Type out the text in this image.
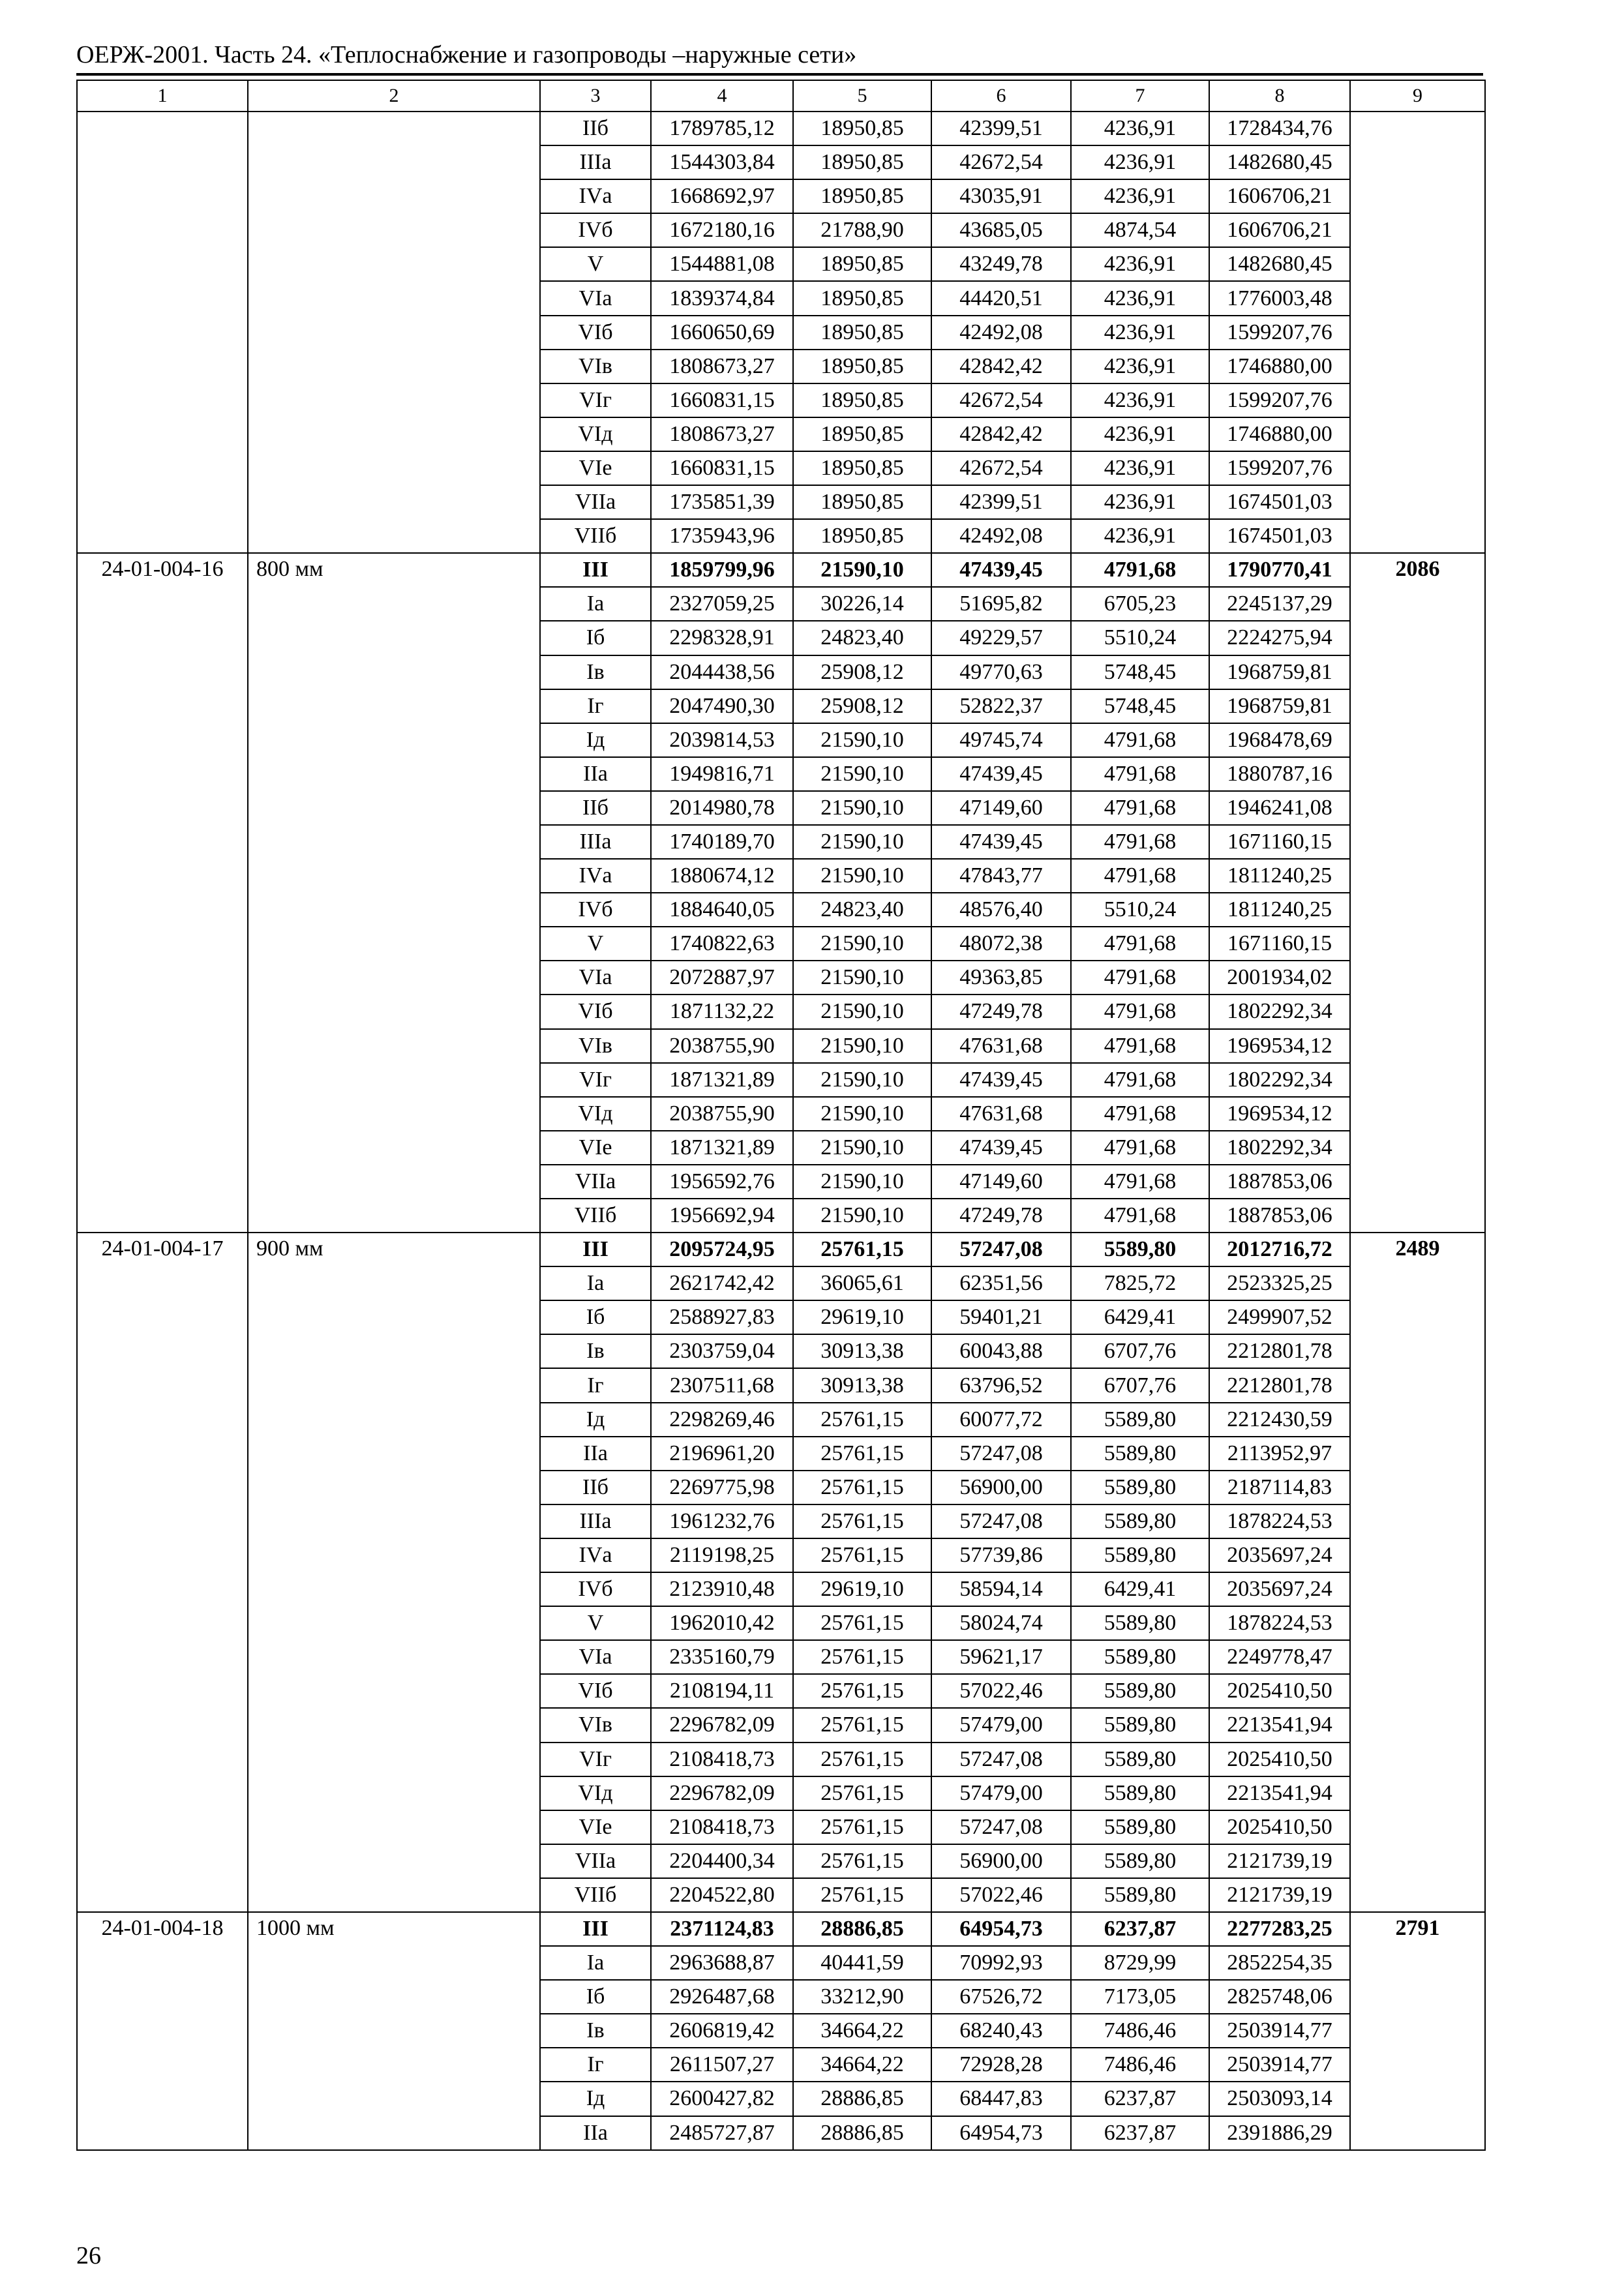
ОЕРЖ-2001. Часть 24. «Теплоснабжение и газопроводы –наружные сети»
1	2	3	4	5	6	7	8	9
		IIб	1789785,12	18950,85	42399,51	4236,91	1728434,76	
		IIIа	1544303,84	18950,85	42672,54	4236,91	1482680,45	
		IVа	1668692,97	18950,85	43035,91	4236,91	1606706,21	
		IVб	1672180,16	21788,90	43685,05	4874,54	1606706,21	
		V	1544881,08	18950,85	43249,78	4236,91	1482680,45	
		VIа	1839374,84	18950,85	44420,51	4236,91	1776003,48	
		VIб	1660650,69	18950,85	42492,08	4236,91	1599207,76	
		VIв	1808673,27	18950,85	42842,42	4236,91	1746880,00	
		VIг	1660831,15	18950,85	42672,54	4236,91	1599207,76	
		VIд	1808673,27	18950,85	42842,42	4236,91	1746880,00	
		VIе	1660831,15	18950,85	42672,54	4236,91	1599207,76	
		VIIа	1735851,39	18950,85	42399,51	4236,91	1674501,03	
		VIIб	1735943,96	18950,85	42492,08	4236,91	1674501,03	
24-01-004-16	800 мм	III	1859799,96	21590,10	47439,45	4791,68	1790770,41	2086
		Iа	2327059,25	30226,14	51695,82	6705,23	2245137,29	
		Iб	2298328,91	24823,40	49229,57	5510,24	2224275,94	
		Iв	2044438,56	25908,12	49770,63	5748,45	1968759,81	
		Iг	2047490,30	25908,12	52822,37	5748,45	1968759,81	
		Iд	2039814,53	21590,10	49745,74	4791,68	1968478,69	
		IIа	1949816,71	21590,10	47439,45	4791,68	1880787,16	
		IIб	2014980,78	21590,10	47149,60	4791,68	1946241,08	
		IIIа	1740189,70	21590,10	47439,45	4791,68	1671160,15	
		IVа	1880674,12	21590,10	47843,77	4791,68	1811240,25	
		IVб	1884640,05	24823,40	48576,40	5510,24	1811240,25	
		V	1740822,63	21590,10	48072,38	4791,68	1671160,15	
		VIа	2072887,97	21590,10	49363,85	4791,68	2001934,02	
		VIб	1871132,22	21590,10	47249,78	4791,68	1802292,34	
		VIв	2038755,90	21590,10	47631,68	4791,68	1969534,12	
		VIг	1871321,89	21590,10	47439,45	4791,68	1802292,34	
		VIд	2038755,90	21590,10	47631,68	4791,68	1969534,12	
		VIе	1871321,89	21590,10	47439,45	4791,68	1802292,34	
		VIIа	1956592,76	21590,10	47149,60	4791,68	1887853,06	
		VIIб	1956692,94	21590,10	47249,78	4791,68	1887853,06	
24-01-004-17	900 мм	III	2095724,95	25761,15	57247,08	5589,80	2012716,72	2489
		Iа	2621742,42	36065,61	62351,56	7825,72	2523325,25	
		Iб	2588927,83	29619,10	59401,21	6429,41	2499907,52	
		Iв	2303759,04	30913,38	60043,88	6707,76	2212801,78	
		Iг	2307511,68	30913,38	63796,52	6707,76	2212801,78	
		Iд	2298269,46	25761,15	60077,72	5589,80	2212430,59	
		IIа	2196961,20	25761,15	57247,08	5589,80	2113952,97	
		IIб	2269775,98	25761,15	56900,00	5589,80	2187114,83	
		IIIа	1961232,76	25761,15	57247,08	5589,80	1878224,53	
		IVа	2119198,25	25761,15	57739,86	5589,80	2035697,24	
		IVб	2123910,48	29619,10	58594,14	6429,41	2035697,24	
		V	1962010,42	25761,15	58024,74	5589,80	1878224,53	
		VIа	2335160,79	25761,15	59621,17	5589,80	2249778,47	
		VIб	2108194,11	25761,15	57022,46	5589,80	2025410,50	
		VIв	2296782,09	25761,15	57479,00	5589,80	2213541,94	
		VIг	2108418,73	25761,15	57247,08	5589,80	2025410,50	
		VIд	2296782,09	25761,15	57479,00	5589,80	2213541,94	
		VIе	2108418,73	25761,15	57247,08	5589,80	2025410,50	
		VIIа	2204400,34	25761,15	56900,00	5589,80	2121739,19	
		VIIб	2204522,80	25761,15	57022,46	5589,80	2121739,19	
24-01-004-18	1000 мм	III	2371124,83	28886,85	64954,73	6237,87	2277283,25	2791
		Iа	2963688,87	40441,59	70992,93	8729,99	2852254,35	
		Iб	2926487,68	33212,90	67526,72	7173,05	2825748,06	
		Iв	2606819,42	34664,22	68240,43	7486,46	2503914,77	
		Iг	2611507,27	34664,22	72928,28	7486,46	2503914,77	
		Iд	2600427,82	28886,85	68447,83	6237,87	2503093,14	
		IIа	2485727,87	28886,85	64954,73	6237,87	2391886,29	
26
